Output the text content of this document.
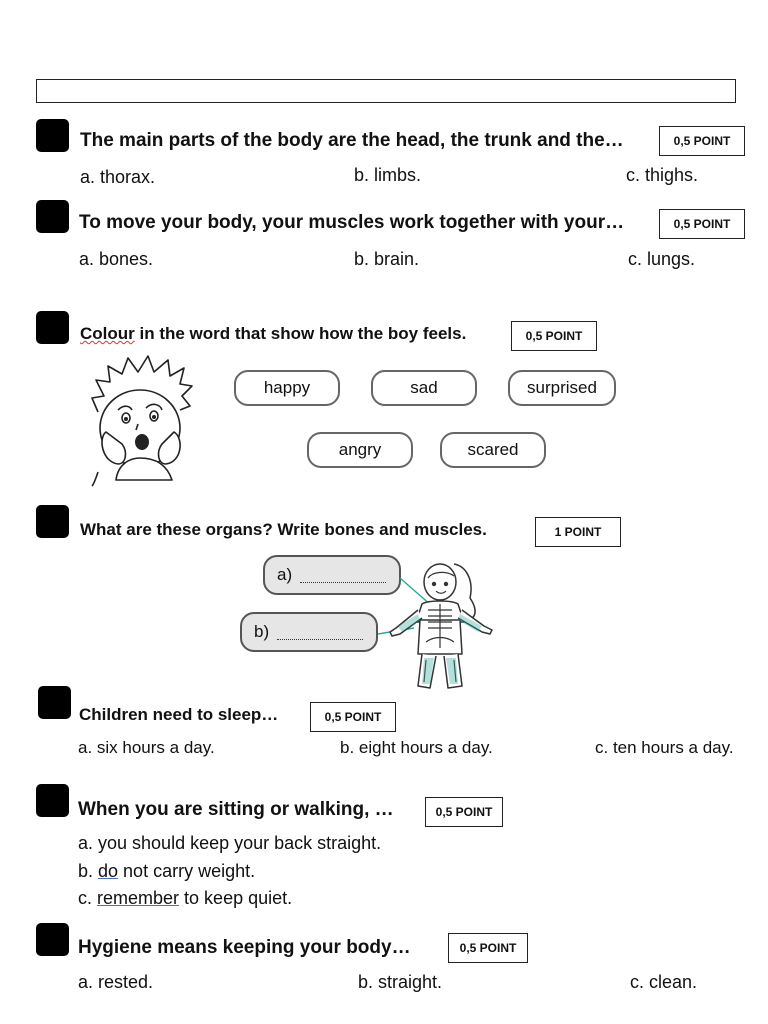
The main parts of the body are the head, the trunk and the…	0,5 POINT
a. thorax.	b. limbs.	c. thighs.
To move your body, your muscles work together with your…	0,5 POINT
a. bones.	b. brain.	c. lungs.
Colour in the word that show how the boy feels.	0,5 POINT
happy	sad	surprised
angry	scared
What are these organs? Write bones and muscles.	1 POINT
a)
b)
Children need to sleep…	0,5 POINT
a. six hours a day.	b. eight hours a day.	c. ten hours a day.
When you are sitting or walking, …	0,5 POINT
a. you should keep your back straight.
b. do not carry weight.
c. remember to keep quiet.
Hygiene means keeping your body…	0,5 POINT
a. rested.	b. straight.	c. clean.
